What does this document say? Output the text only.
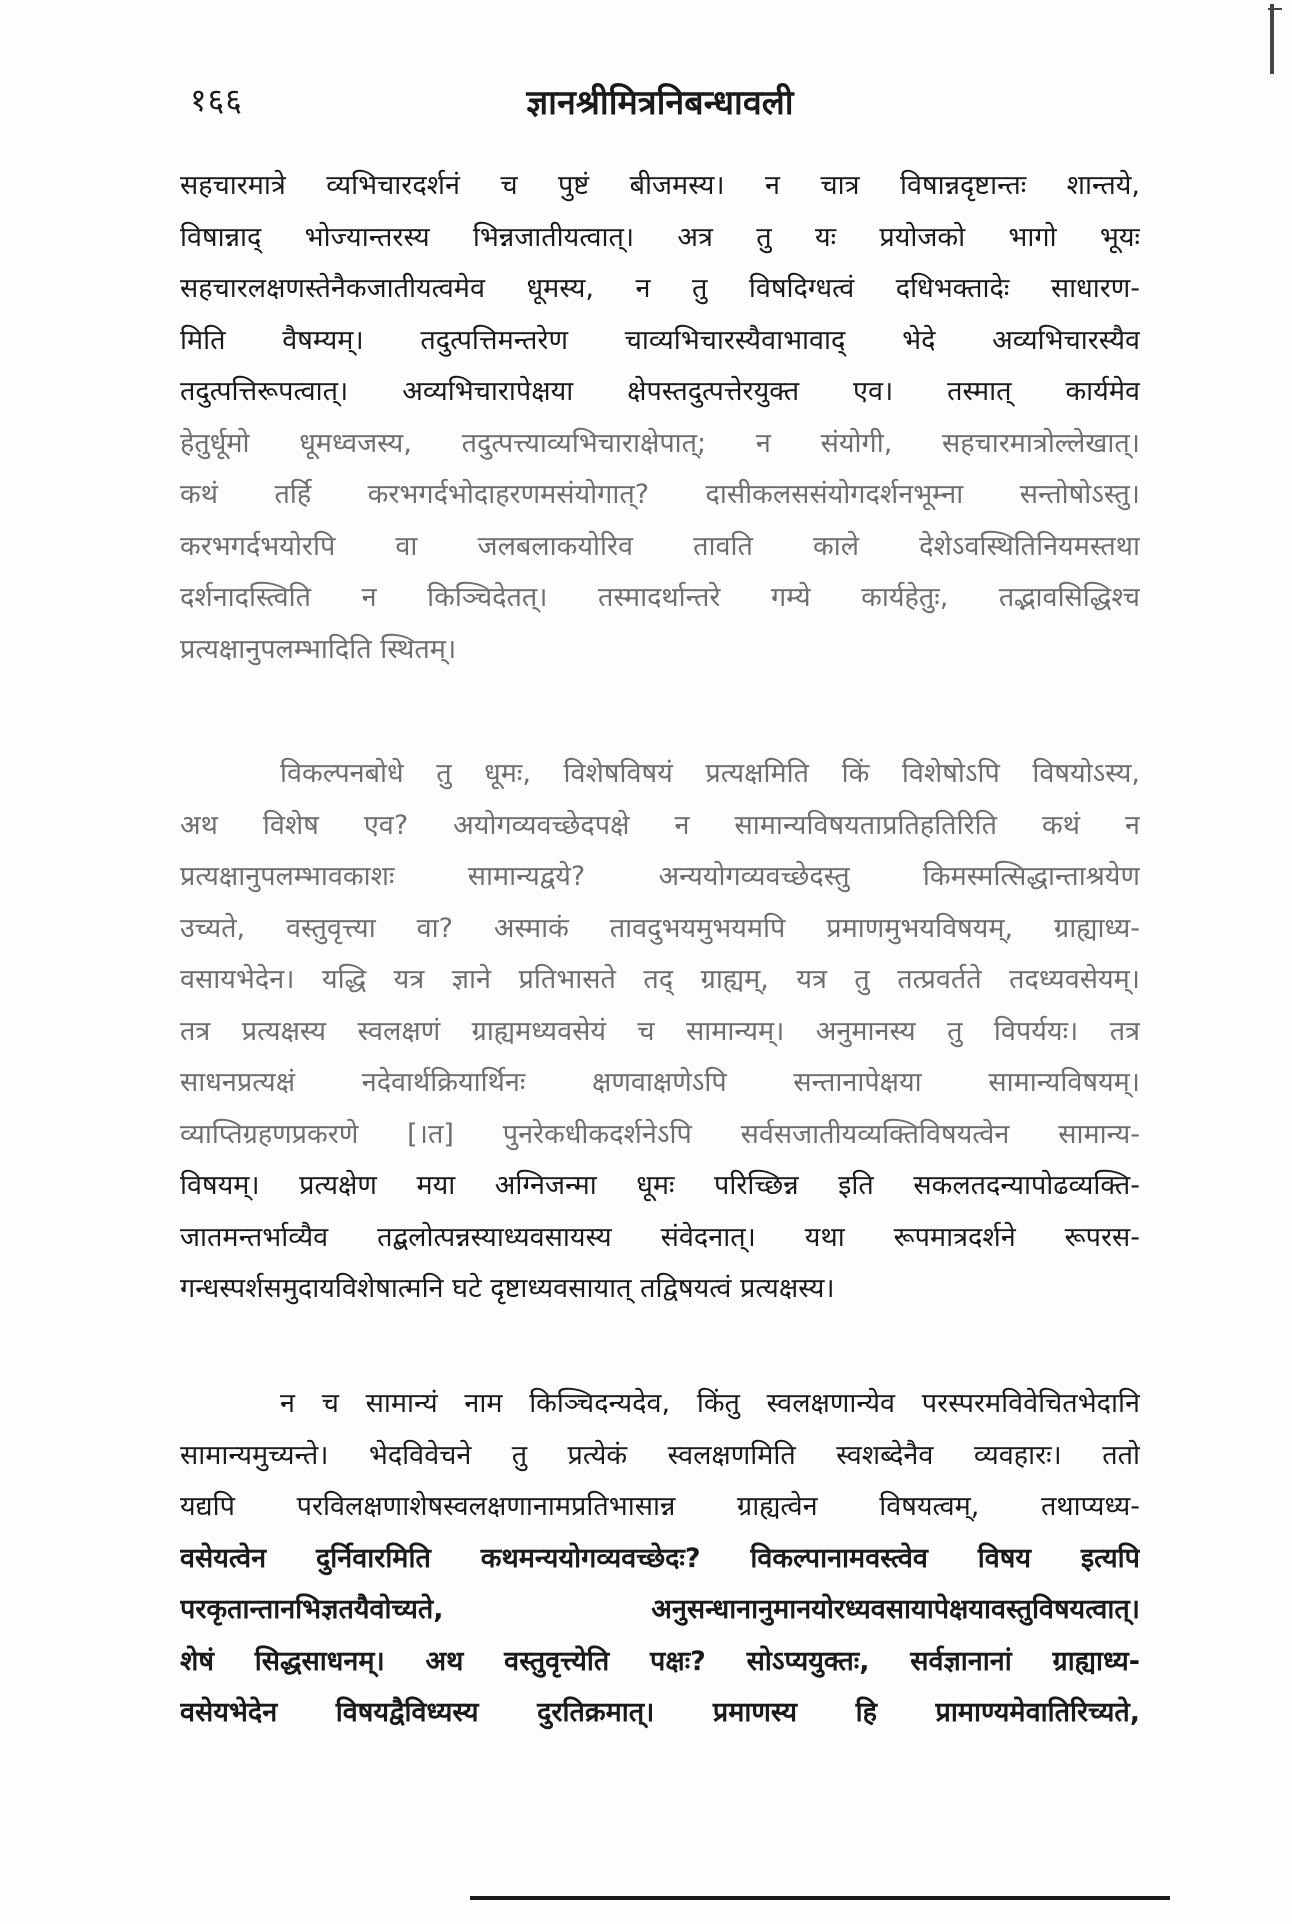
१६६	ज्ञानश्रीमित्रनिबन्धावली
सहचारमात्रे व्यभिचारदर्शनं च पुष्टं बीजमस्य। न चात्र विषान्नदृष्टान्तः शान्तये,
विषान्नाद् भोज्यान्तरस्य भिन्नजातीयत्वात्। अत्र तु यः प्रयोजको भागो भूयः
सहचारलक्षणस्तेनैकजातीयत्वमेव धूमस्य, न तु विषदिग्धत्वं दधिभक्तादेः साधारण-
मिति वैषम्यम्। तदुत्पत्तिमन्तरेण चाव्यभिचारस्यैवाभावाद् भेदे अव्यभिचारस्यैव
तदुत्पत्तिरूपत्वात्। अव्यभिचारापेक्षया क्षेपस्तदुत्पत्तेरयुक्त एव। तस्मात् कार्यमेव
हेतुर्धूमो धूमध्वजस्य, तदुत्पत्त्याव्यभिचाराक्षेपात्; न संयोगी, सहचारमात्रोल्लेखात्।
कथं तर्हि करभगर्दभोदाहरणमसंयोगात्? दासीकलससंयोगदर्शनभूम्ना सन्तोषोऽस्तु।
करभगर्दभयोरपि वा जलबलाकयोरिव तावति काले देशेऽवस्थितिनियमस्तथा
दर्शनादस्त्विति न किञ्चिदेतत्। तस्मादर्थान्तरे गम्ये कार्यहेतुः, तद्भावसिद्धिश्च
प्रत्यक्षानुपलम्भादिति स्थितम्।
विकल्पनबोधे तु धूमः, विशेषविषयं प्रत्यक्षमिति किं विशेषोऽपि विषयोऽस्य,
अथ विशेष एव? अयोगव्यवच्छेदपक्षे न सामान्यविषयताप्रतिहतिरिति कथं न
प्रत्यक्षानुपलम्भावकाशः सामान्यद्वये? अन्ययोगव्यवच्छेदस्तु किमस्मत्सिद्धान्ताश्रयेण
उच्यते, वस्तुवृत्त्या वा? अस्माकं तावदुभयमुभयमपि प्रमाणमुभयविषयम्, ग्राह्याध्य-
वसायभेदेन। यद्धि यत्र ज्ञाने प्रतिभासते तद् ग्राह्यम्, यत्र तु तत्प्रवर्तते तदध्यवसेयम्।
तत्र प्रत्यक्षस्य स्वलक्षणं ग्राह्यमध्यवसेयं च सामान्यम्। अनुमानस्य तु विपर्ययः। तत्र
साधनप्रत्यक्षं नदेवार्थक्रियार्थिनः क्षणवाक्षणेऽपि सन्तानापेक्षया सामान्यविषयम्।
व्याप्तिग्रहणप्रकरणे [।त] पुनरेकधीकदर्शनेऽपि सर्वसजातीयव्यक्तिविषयत्वेन सामान्य-
विषयम्। प्रत्यक्षेण मया अग्निजन्मा धूमः परिच्छिन्न इति सकलतदन्यापोढव्यक्ति-
जातमन्तर्भाव्यैव तद्बलोत्पन्नस्याध्यवसायस्य संवेदनात्। यथा रूपमात्रदर्शने रूपरस-
गन्धस्पर्शसमुदायविशेषात्मनि घटे दृष्टाध्यवसायात् तद्विषयत्वं प्रत्यक्षस्य।
न च सामान्यं नाम किञ्चिदन्यदेव, किंतु स्वलक्षणान्येव परस्परमविवेचितभेदानि
सामान्यमुच्यन्ते। भेदविवेचने तु प्रत्येकं स्वलक्षणमिति स्वशब्देनैव व्यवहारः। ततो
यद्यपि परविलक्षणाशेषस्वलक्षणानामप्रतिभासान्न ग्राह्यत्वेन विषयत्वम्, तथाप्यध्य-
वसेयत्वेन दुर्निवारमिति कथमन्ययोगव्यवच्छेदः? विकल्पानामवस्त्वेव विषय इत्यपि
परकृतान्तानभिज्ञतयैवोच्यते, अनुसन्धानानुमानयोरध्यवसायापेक्षयावस्तुविषयत्वात्।
शेषं सिद्धसाधनम्। अथ वस्तुवृत्त्येति पक्षः? सोऽप्ययुक्तः, सर्वज्ञानानां ग्राह्याध्य-
वसेयभेदेन विषयद्वैविध्यस्य दुरतिक्रमात्। प्रमाणस्य हि प्रामाण्यमेवातिरिच्यते,
